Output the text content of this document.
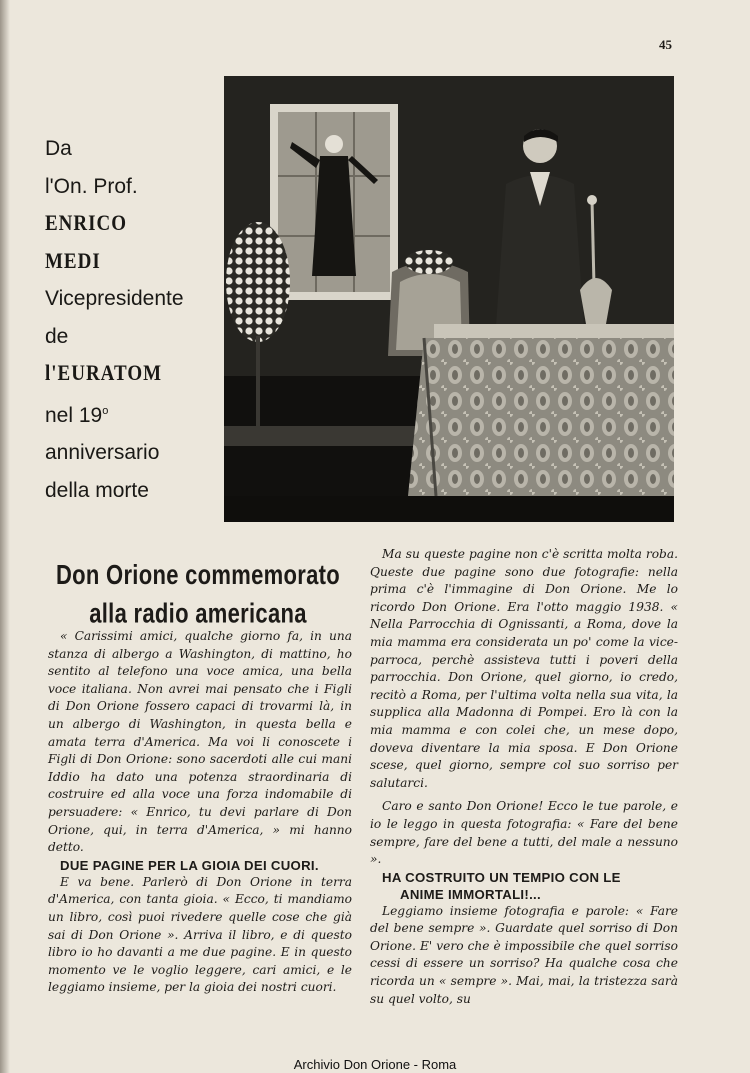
45
Da
l'On. Prof.
ENRICO
MEDI
Vicepresidente
de
l'EURATOM
nel 19$^o$
anniversario
della morte
Don Orione commemorato
alla radio americana

« Carissimi amici, qualche giorno fa, in una stanza di albergo a Washington, di mattino, ho sentito al telefono una voce amica, una bella voce italiana. Non avrei mai pensato che i Figli di Don Orione fossero capaci di trovarmi là, in un albergo di Washington, in questa bella e amata terra d'America. Ma voi li conoscete i Figli di Don Orione: sono sacerdoti alle cui mani Iddio ha dato una potenza straordinaria di costruire ed alla voce una forza indomabile di persuadere: « Enrico, tu devi parlare di Don Orione, qui, in terra d'America, » mi hanno detto.

DUE PAGINE PER LA GIOIA DEI CUORI.

E va bene. Parlerò di Don Orione in terra d'America, con tanta gioia. « Ecco, ti mandiamo un libro, così puoi rivedere quelle cose che già sai di Don Orione ». Arriva il libro, e di questo libro io ho davanti a me due pagine. E in questo momento ve le voglio leggere, cari amici, e le leggiamo insieme, per la gioia dei nostri cuori.

Ma su queste pagine non c'è scritta molta roba. Queste due pagine sono due fotografie: nella prima c'è l'immagine di Don Orione. Me lo ricordo Don Orione. Era l'otto maggio 1938. « Nella Parrocchia di Ognissanti, a Roma, dove la mia mamma era considerata un po' come la vice-parroca, perchè assisteva tutti i poveri della parrocchia. Don Orione, quel giorno, io credo, recitò a Roma, per l'ultima volta nella sua vita, la supplica alla Madonna di Pompei. Ero là con la mia mamma e con colei che, un mese dopo, doveva diventare la mia sposa. E Don Orione scese, quel giorno, sempre col suo sorriso per salutarci.

Caro e santo Don Orione! Ecco le tue parole, e io le leggo in questa fotografia: « Fare del bene sempre, fare del bene a tutti, del male a nessuno ».

HA COSTRUITO UN TEMPIO CON LE
ANIME IMMORTALI!...

Leggiamo insieme fotografia e parole: « Fare del bene sempre ». Guardate quel sorriso di Don Orione. E' vero che è impossibile che quel sorriso cessi di essere un sorriso? Ha qualche cosa che ricorda un « sempre ». Mai, mai, la tristezza sarà su quel volto, su

Archivio Don Orione - Roma
